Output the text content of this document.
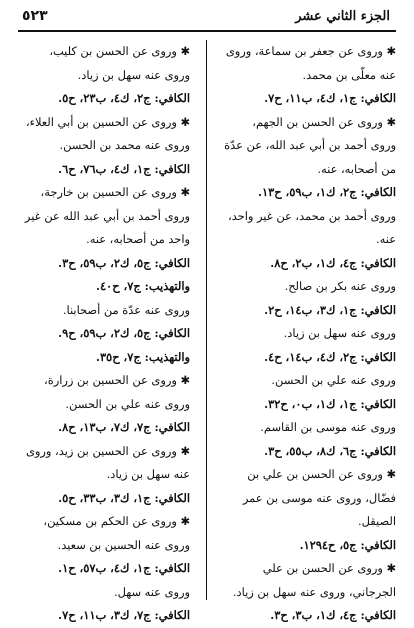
الجزء الثاني عشر
٥٢٣
✱ وروى عن جعفر بن سماعة، وروى
عنه معلّى بن محمد.
الكافي: ج١، ك٤، ب١١، ح٧.
✱ وروى عن الحسن بن الجهم،
وروى أحمد بن أبي عبد الله، عن عدّة
من أصحابه، عنه.
الكافي: ج٢، ك١، ب٥٩، ح١٣.
وروى أحمد بن محمد، عن غير واحد،
عنه.
الكافي: ج٤، ك١، ب٢، ح٨.
وروى عنه بكر بن صالح.
الكافي: ج١، ك٣، ب١٤، ح٢.
وروى عنه سهل بن زياد.
الكافي: ج٢، ك٤، ب١٤، ح٤.
وروى عنه علي بن الحسن.
الكافي: ج١، ك١، ب٠، ح٣٢.
وروى عنه موسى بن القاسم.
الكافي: ج٦، ك٨، ب٥٥، ح٣.
✱ وروى عن الحسن بن علي بن
فضّال، وروى عنه موسى بن عمر
الصيقل.
الكافي: ج٥، ح١٢٩٤.
✱ وروى عن الحسن بن علي
الجرجاني، وروى عنه سهل بن زياد.
الكافي: ج٤، ك١، ب٣، ح٣.
✱ وروى عن الحسن بن كليب،
وروى عنه سهل بن زياد.
الكافي: ج٢، ك٤، ب٢٣، ح٥.
✱ وروى عن الحسين بن أبي العلاء،
وروى عنه محمد بن الحسن.
الكافي: ج١، ك٤، ب٧٦، ح٦.
✱ وروى عن الحسين بن خارجة،
وروى أحمد بن أبي عبد الله عن غير
واحد من أصحابه، عنه.
الكافي: ج٥، ك٢، ب٥٩، ح٣.
والتهذيب: ج٧، ح٤٠.
وروى عنه عدّة من أصحابنا.
الكافي: ج٥، ك٢، ب٥٩، ح٩.
والتهذيب: ج٧، ح٣٥.
✱ وروى عن الحسين بن زرارة،
وروى عنه علي بن الحسن.
الكافي: ج٧، ك٧، ب١٣، ح٨.
✱ وروى عن الحسين بن زيد، وروى
عنه سهل بن زياد.
الكافي: ج١، ك٣، ب٣٣، ح٥.
✱ وروى عن الحكم بن مسكين،
وروى عنه الحسين بن سعيد.
الكافي: ج١، ك٤، ب٥٧، ح١.
وروى عنه سهل.
الكافي: ج٧، ك٣، ب١١، ح٧.
